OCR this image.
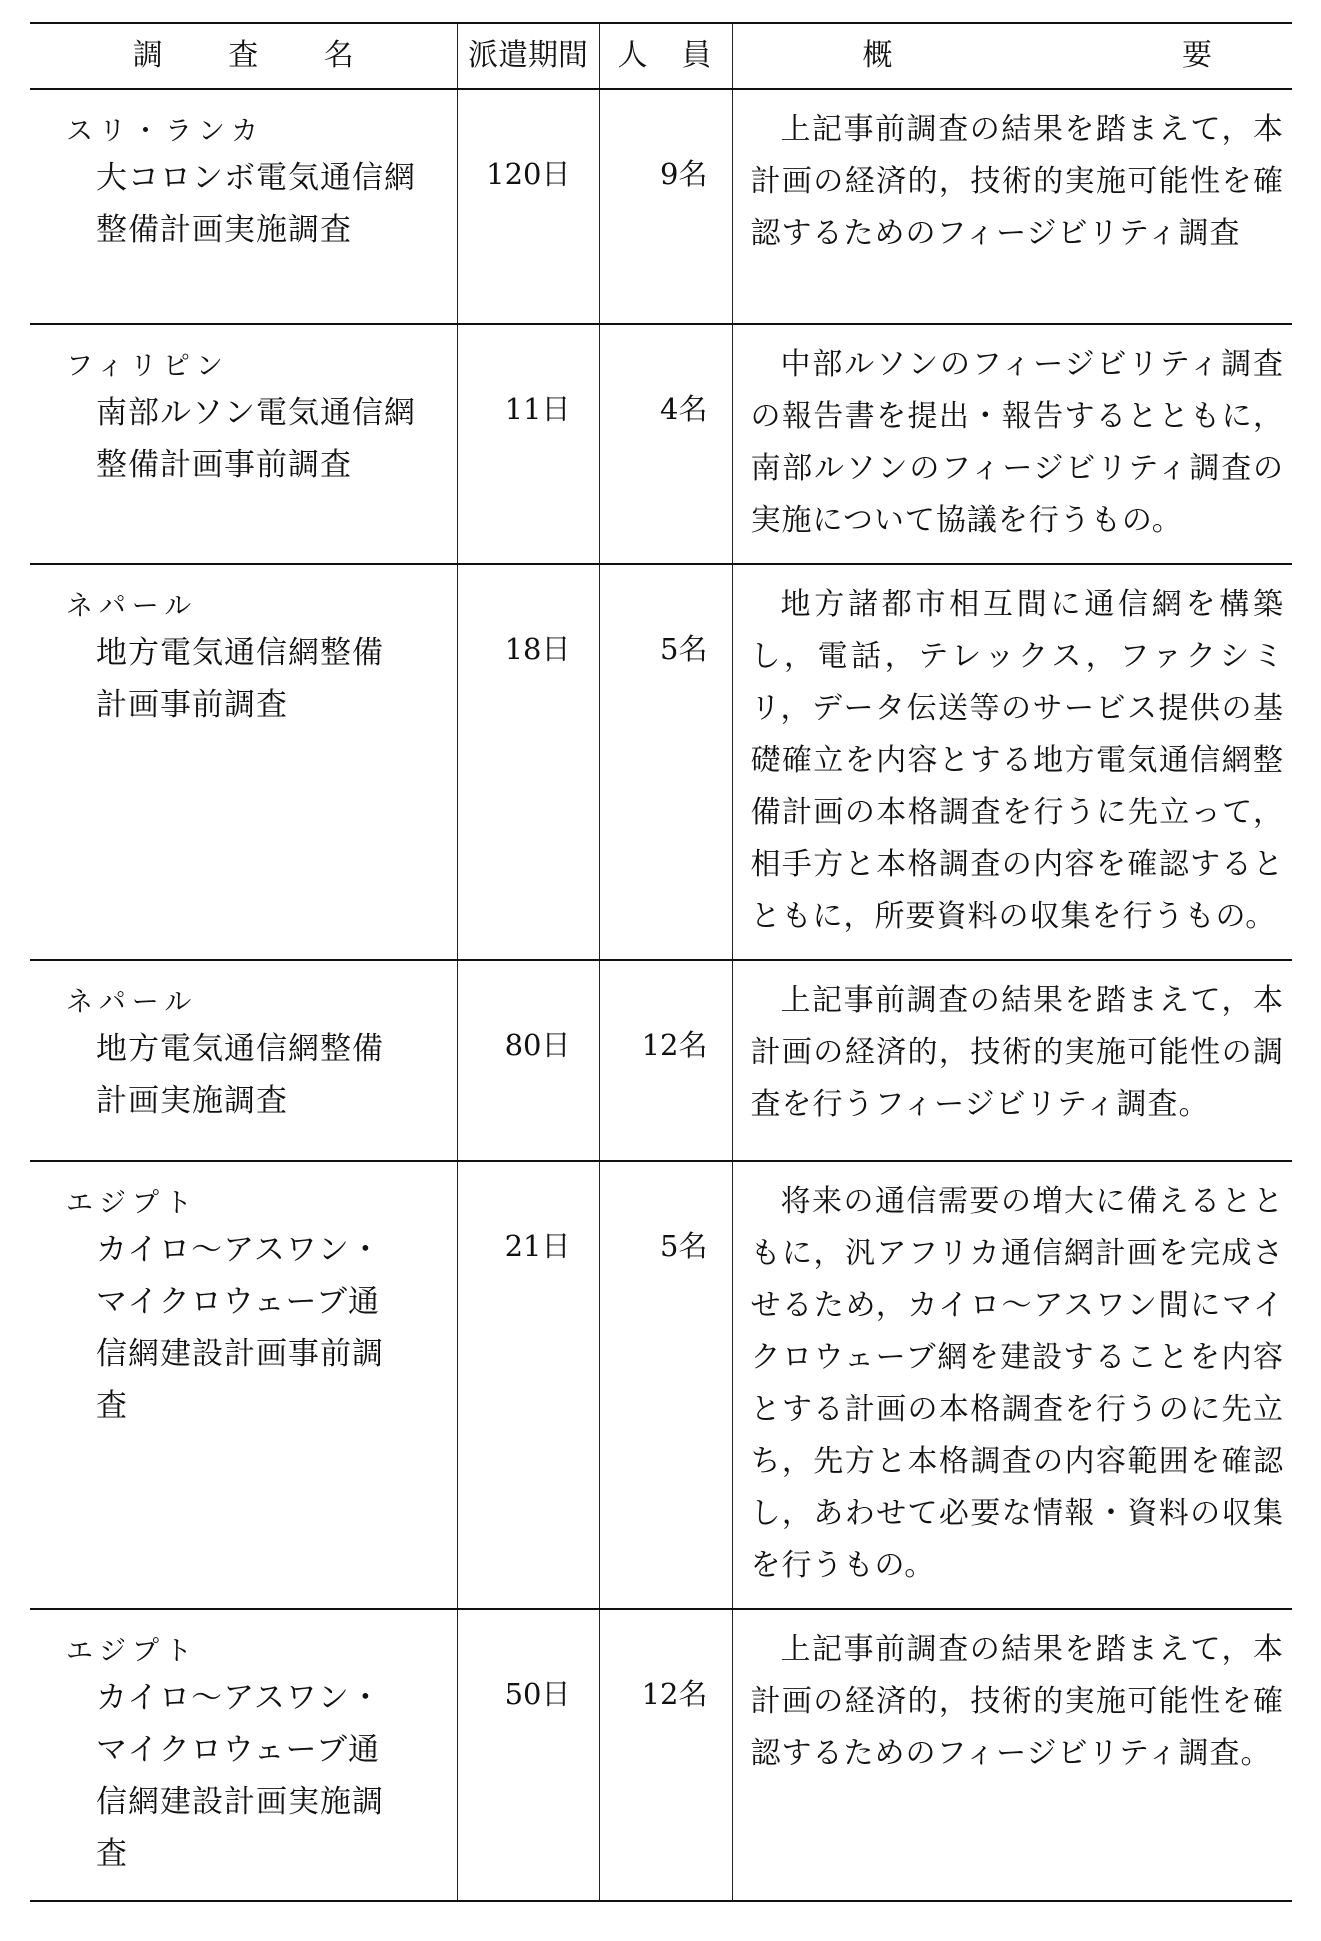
調 査 名	派遣期間	人 員	概 要

スリ・ランカ
大コロンボ電気通信網
整備計画実施調査	120日	9名	上記事前調査の結果を踏まえて，本計画の経済的，技術的実施可能性を確認するためのフィージビリティ調査

フィリピン
南部ルソン電気通信網
整備計画事前調査	11日	4名	中部ルソンのフィージビリティ調査の報告書を提出・報告するとともに，南部ルソンのフィージビリティ調査の実施について協議を行うもの。

ネパール
地方電気通信網整備
計画事前調査	18日	5名	地方諸都市相互間に通信網を構築し，電話，テレックス，ファクシミリ，データ伝送等のサービス提供の基礎確立を内容とする地方電気通信網整備計画の本格調査を行うに先立って，相手方と本格調査の内容を確認するとともに，所要資料の収集を行うもの。

ネパール
地方電気通信網整備
計画実施調査	80日	12名	上記事前調査の結果を踏まえて，本計画の経済的，技術的実施可能性の調査を行うフィージビリティ調査。

エジプト
カイロ～アスワン・
マイクロウェーブ通
信網建設計画事前調
査	21日	5名	将来の通信需要の増大に備えるとともに，汎アフリカ通信網計画を完成させるため，カイロ～アスワン間にマイクロウェーブ網を建設することを内容とする計画の本格調査を行うのに先立ち，先方と本格調査の内容範囲を確認し，あわせて必要な情報・資料の収集を行うもの。

エジプト
カイロ～アスワン・
マイクロウェーブ通
信網建設計画実施調
査	50日	12名	上記事前調査の結果を踏まえて，本計画の経済的，技術的実施可能性を確認するためのフィージビリティ調査。
